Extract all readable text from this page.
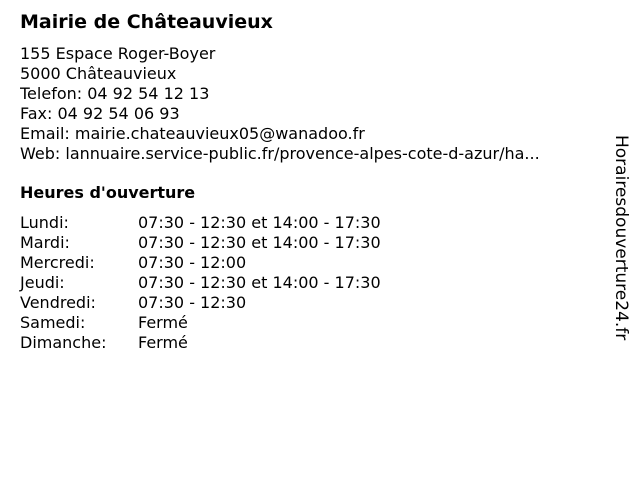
Mairie de Châteauvieux
155 Espace Roger-Boyer
5000 Châteauvieux
Telefon: 04 92 54 12 13
Fax: 04 92 54 06 93
Email: mairie.chateauvieux05@wanadoo.fr
Web: lannuaire.service-public.fr/provence-alpes-cote-d-azur/ha...
Heures d'ouverture
Lundi:	07:30 - 12:30 et 14:00 - 17:30
Mardi:	07:30 - 12:30 et 14:00 - 17:30
Mercredi:	07:30 - 12:00
Jeudi:	07:30 - 12:30 et 14:00 - 17:30
Vendredi:	07:30 - 12:30
Samedi:	Fermé
Dimanche:	Fermé
Horairesdouverture24.fr
